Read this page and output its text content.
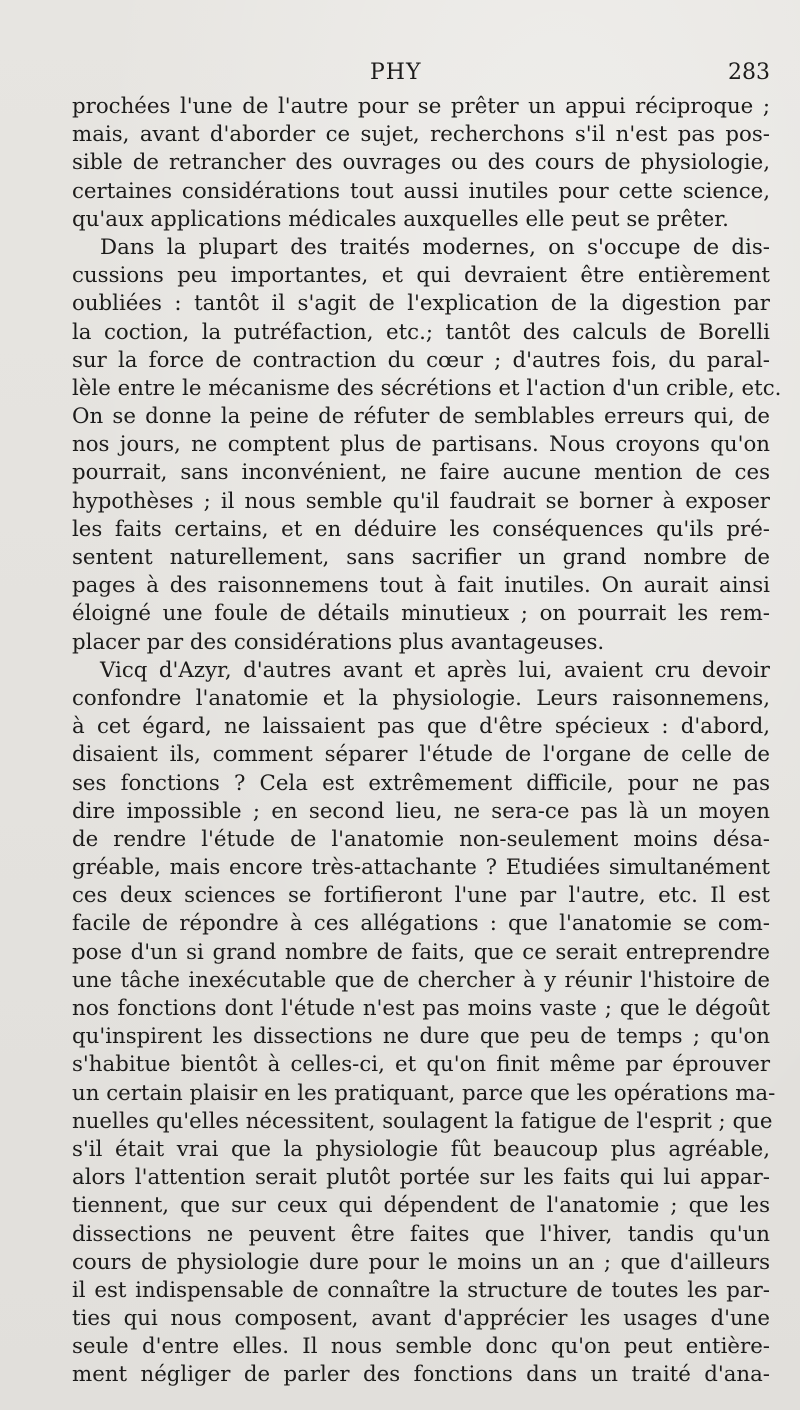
PHY	283
prochées l'une de l'autre pour se prêter un appui réciproque ;
mais, avant d'aborder ce sujet, recherchons s'il n'est pas pos-
sible de retrancher des ouvrages ou des cours de physiologie,
certaines considérations tout aussi inutiles pour cette science,
qu'aux applications médicales auxquelles elle peut se prêter.
Dans la plupart des traités modernes, on s'occupe de dis-
cussions peu importantes, et qui devraient être entièrement
oubliées : tantôt il s'agit de l'explication de la digestion par
la coction, la putréfaction, etc.; tantôt des calculs de Borelli
sur la force de contraction du cœur ; d'autres fois, du paral-
lèle entre le mécanisme des sécrétions et l'action d'un crible, etc.
On se donne la peine de réfuter de semblables erreurs qui, de
nos jours, ne comptent plus de partisans. Nous croyons qu'on
pourrait, sans inconvénient, ne faire aucune mention de ces
hypothèses ; il nous semble qu'il faudrait se borner à exposer
les faits certains, et en déduire les conséquences qu'ils pré-
sentent naturellement, sans sacrifier un grand nombre de
pages à des raisonnemens tout à fait inutiles. On aurait ainsi
éloigné une foule de détails minutieux ; on pourrait les rem-
placer par des considérations plus avantageuses.
Vicq d'Azyr, d'autres avant et après lui, avaient cru devoir
confondre l'anatomie et la physiologie. Leurs raisonnemens,
à cet égard, ne laissaient pas que d'être spécieux : d'abord,
disaient ils, comment séparer l'étude de l'organe de celle de
ses fonctions ? Cela est extrêmement difficile, pour ne pas
dire impossible ; en second lieu, ne sera-ce pas là un moyen
de rendre l'étude de l'anatomie non-seulement moins désa-
gréable, mais encore très-attachante ? Etudiées simultanément
ces deux sciences se fortifieront l'une par l'autre, etc. Il est
facile de répondre à ces allégations : que l'anatomie se com-
pose d'un si grand nombre de faits, que ce serait entreprendre
une tâche inexécutable que de chercher à y réunir l'histoire de
nos fonctions dont l'étude n'est pas moins vaste ; que le dégoût
qu'inspirent les dissections ne dure que peu de temps ; qu'on
s'habitue bientôt à celles-ci, et qu'on finit même par éprouver
un certain plaisir en les pratiquant, parce que les opérations ma-
nuelles qu'elles nécessitent, soulagent la fatigue de l'esprit ; que
s'il était vrai que la physiologie fût beaucoup plus agréable,
alors l'attention serait plutôt portée sur les faits qui lui appar-
tiennent, que sur ceux qui dépendent de l'anatomie ; que les
dissections ne peuvent être faites que l'hiver, tandis qu'un
cours de physiologie dure pour le moins un an ; que d'ailleurs
il est indispensable de connaître la structure de toutes les par-
ties qui nous composent, avant d'apprécier les usages d'une
seule d'entre elles. Il nous semble donc qu'on peut entière-
ment négliger de parler des fonctions dans un traité d'ana-
